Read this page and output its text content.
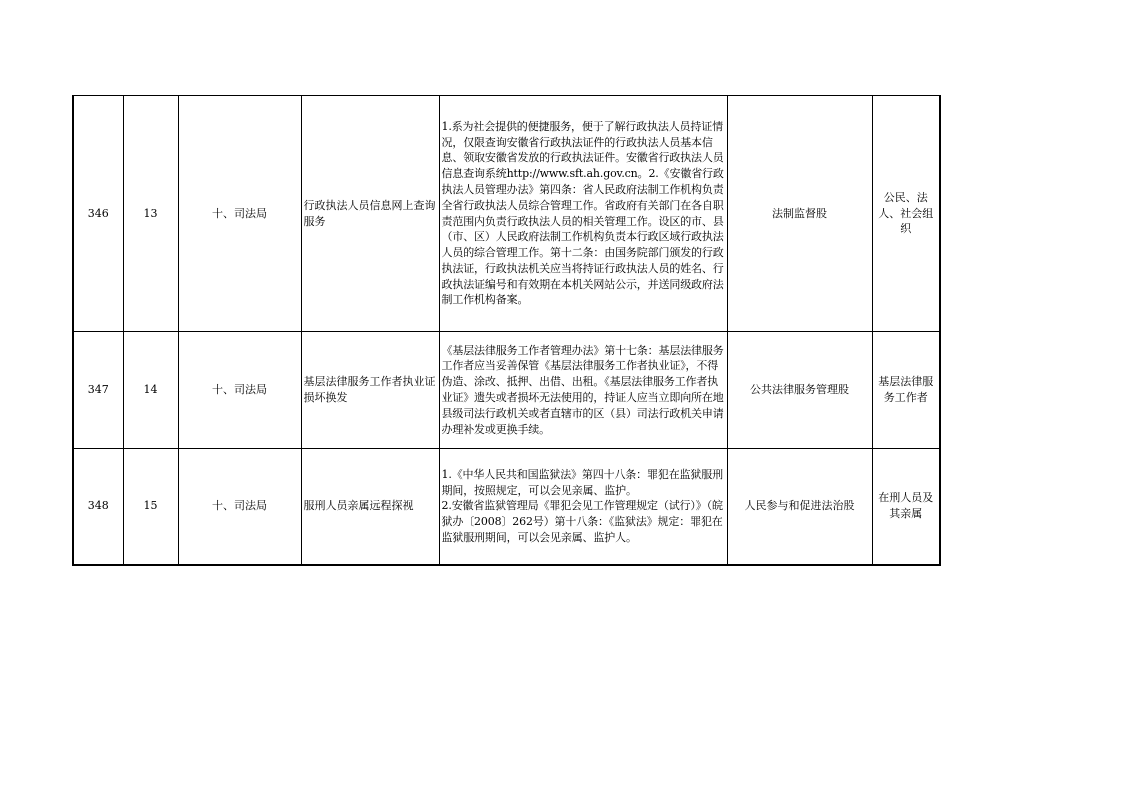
346	13	十、司法局	行政执法人员信息网上查询服务	1.系为社会提供的便捷服务，便于了解行政执法人员持证情况，仅限查询安徽省行政执法证件的行政执法人员基本信息、领取安徽省发放的行政执法证件。安徽省行政执法人员信息查询系统http://www.sft.ah.gov.cn。2.《安徽省行政执法人员管理办法》第四条：省人民政府法制工作机构负责全省行政执法人员综合管理工作。省政府有关部门在各自职责范围内负责行政执法人员的相关管理工作。设区的市、县（市、区）人民政府法制工作机构负责本行政区域行政执法人员的综合管理工作。第十二条：由国务院部门颁发的行政执法证，行政执法机关应当将持证行政执法人员的姓名、行政执法证编号和有效期在本机关网站公示，并送同级政府法制工作机构备案。	法制监督股	公民、法人、社会组织
347	14	十、司法局	基层法律服务工作者执业证损坏换发	《基层法律服务工作者管理办法》第十七条：基层法律服务工作者应当妥善保管《基层法律服务工作者执业证》，不得伪造、涂改、抵押、出借、出租。《基层法律服务工作者执业证》遗失或者损坏无法使用的，持证人应当立即向所在地县级司法行政机关或者直辖市的区（县）司法行政机关申请办理补发或更换手续。	公共法律服务管理股	基层法律服务工作者
348	15	十、司法局	服刑人员亲属远程探视	1.《中华人民共和国监狱法》第四十八条：罪犯在监狱服刑期间，按照规定，可以会见亲属、监护。
2.安徽省监狱管理局《罪犯会见工作管理规定（试行）》（皖狱办〔2008〕262号）第十八条：《监狱法》规定：罪犯在监狱服刑期间，可以会见亲属、监护人。	人民参与和促进法治股	在刑人员及其亲属
